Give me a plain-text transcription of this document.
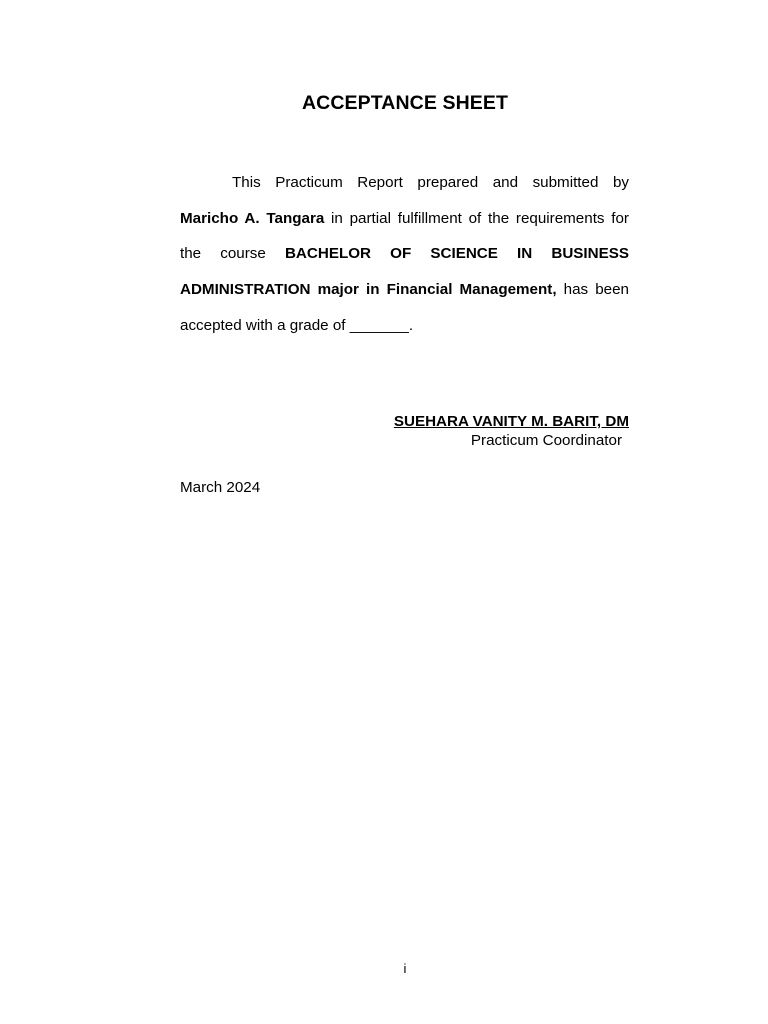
ACCEPTANCE SHEET

This Practicum Report prepared and submitted by Maricho A. Tangara in partial fulfillment of the requirements for the course BACHELOR OF SCIENCE IN BUSINESS ADMINISTRATION major in Financial Management, has been accepted with a grade of _______.

SUEHARA VANITY M. BARIT, DM
Practicum Coordinator
March 2024
i
